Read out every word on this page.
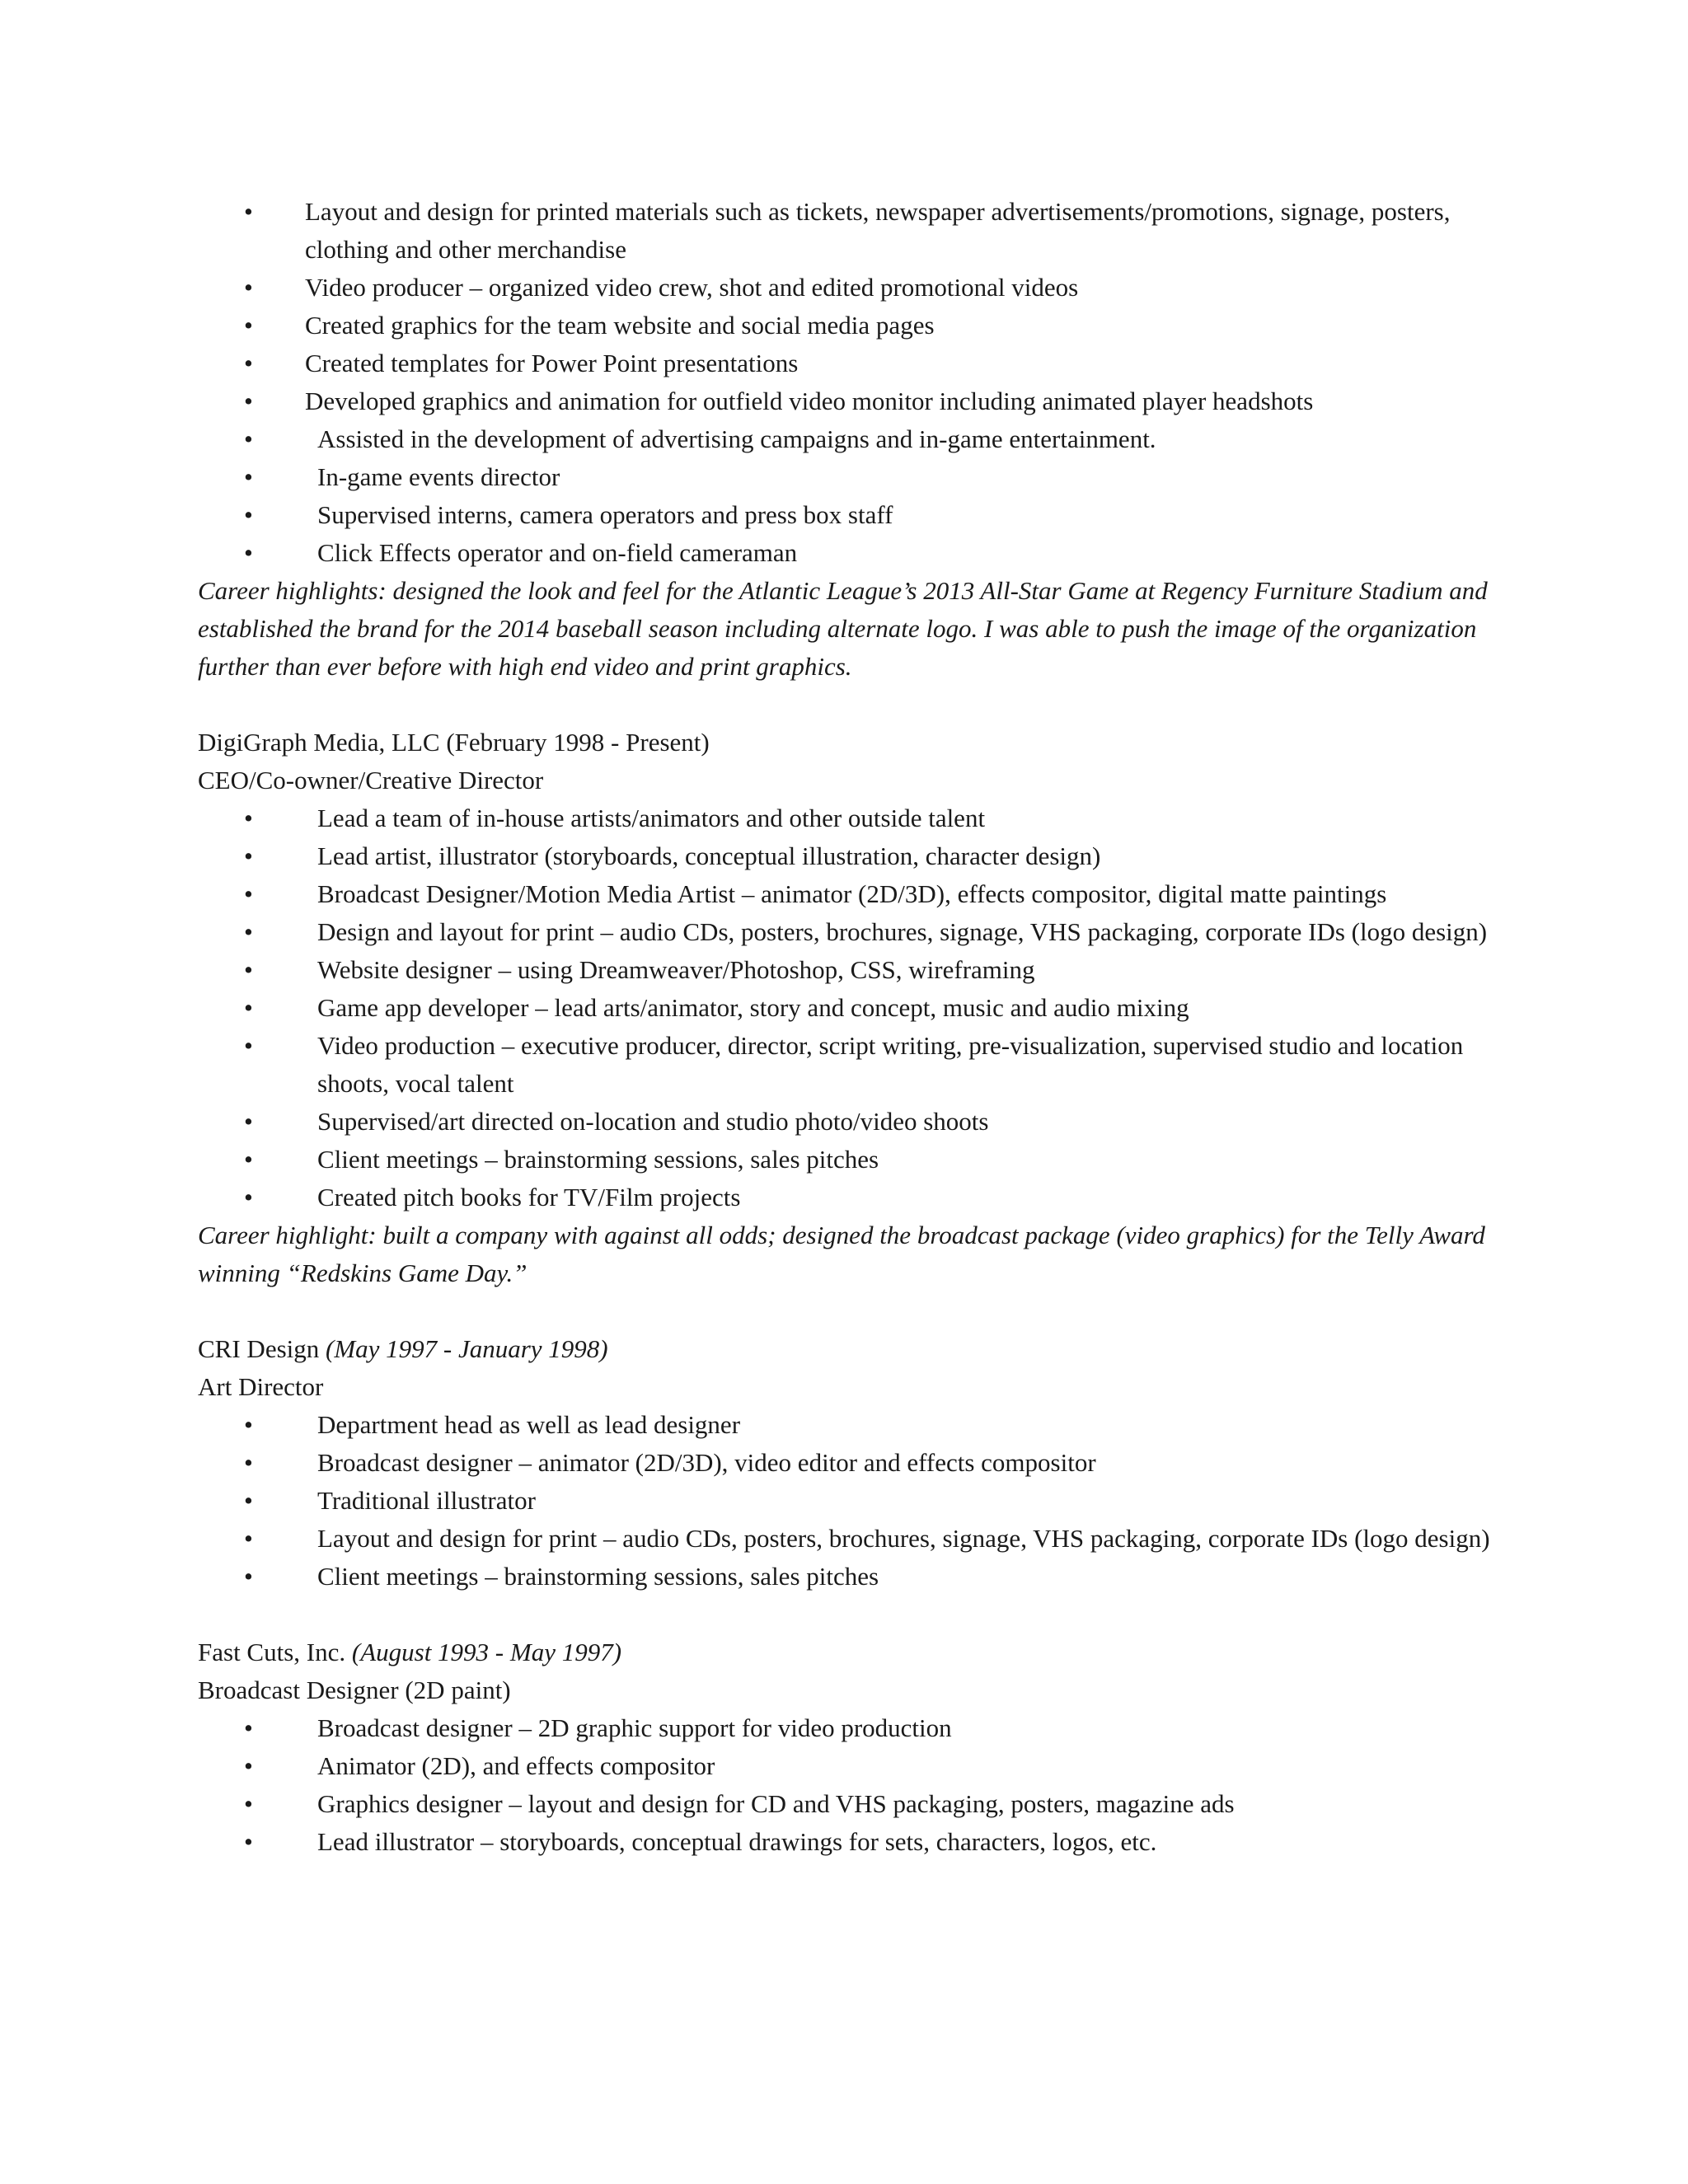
• Layout and design for printed materials such as tickets, newspaper advertisements/promotions, signage, posters, clothing and other merchandise
• Video producer – organized video crew, shot and edited promotional videos
• Created graphics for the team website and social media pages
• Created templates for Power Point presentations
• Developed graphics and animation for outfield video monitor including animated player headshots
• Assisted in the development of advertising campaigns and in-game entertainment.
• In-game events director
• Supervised interns, camera operators and press box staff
• Click Effects operator and on-field cameraman

Career highlights: designed the look and feel for the Atlantic League’s 2013 All-Star Game at Regency Furniture Stadium and established the brand for the 2014 baseball season including alternate logo. I was able to push the image of the organization further than ever before with high end video and print graphics.

DigiGraph Media, LLC (February 1998 - Present)

CEO/Co-owner/Creative Director

• Lead a team of in-house artists/animators and other outside talent
• Lead artist, illustrator (storyboards, conceptual illustration, character design)
• Broadcast Designer/Motion Media Artist – animator (2D/3D), effects compositor, digital matte paintings
• Design and layout for print – audio CDs, posters, brochures, signage, VHS packaging, corporate IDs (logo design)
• Website designer – using Dreamweaver/Photoshop, CSS, wireframing
• Game app developer – lead arts/animator, story and concept, music and audio mixing
• Video production – executive producer, director, script writing, pre-visualization, supervised studio and location shoots, vocal talent
• Supervised/art directed on-location and studio photo/video shoots
• Client meetings – brainstorming sessions, sales pitches
• Created pitch books for TV/Film projects

Career highlight: built a company with against all odds; designed the broadcast package (video graphics) for the Telly Award winning “Redskins Game Day.”

CRI Design (May 1997 - January 1998)

Art Director

• Department head as well as lead designer
• Broadcast designer – animator (2D/3D), video editor and effects compositor
• Traditional illustrator
• Layout and design for print – audio CDs, posters, brochures, signage, VHS packaging, corporate IDs (logo design)
• Client meetings – brainstorming sessions, sales pitches

Fast Cuts, Inc. (August 1993 - May 1997)

Broadcast Designer (2D paint)

• Broadcast designer – 2D graphic support for video production
• Animator (2D), and effects compositor
• Graphics designer – layout and design for CD and VHS packaging, posters, magazine ads
• Lead illustrator – storyboards, conceptual drawings for sets, characters, logos, etc.
